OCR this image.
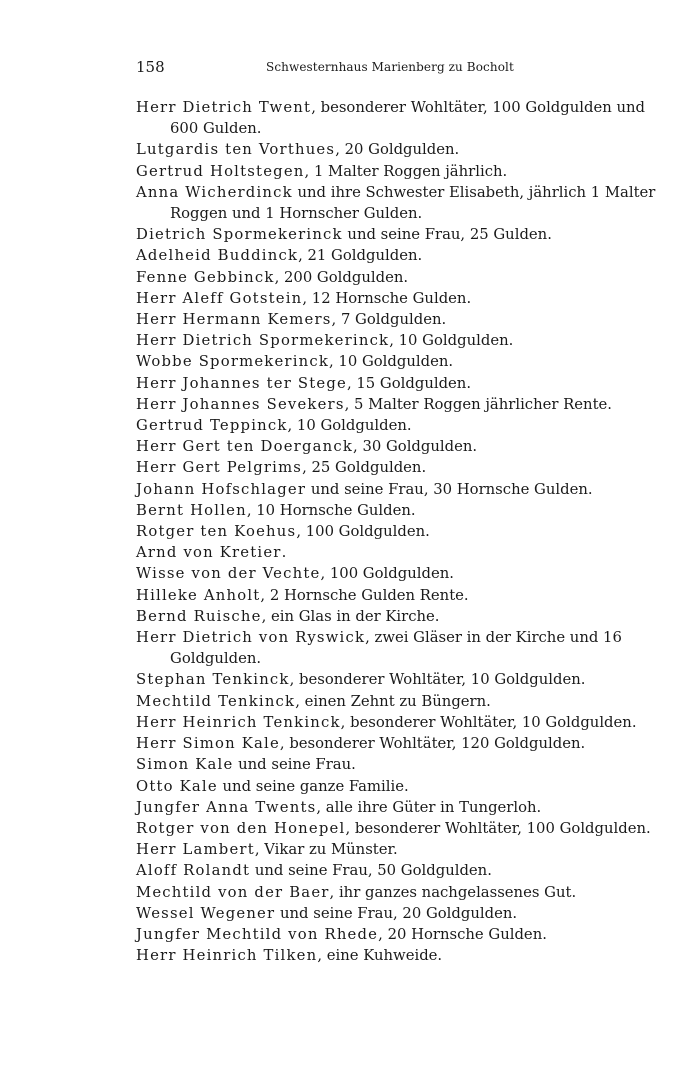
158	Schwesternhaus Marienberg zu Bocholt
Herr Dietrich Twent, besonderer Wohltäter, 100 Goldgulden und 600 Gulden.
Lutgardis ten Vorthues, 20 Goldgulden.
Gertrud Holtstegen, 1 Malter Roggen jährlich.
Anna Wicherdinck und ihre Schwester Elisabeth, jährlich 1 Malter Roggen und 1 Hornscher Gulden.
Dietrich Spormekerinck und seine Frau, 25 Gulden.
Adelheid Buddinck, 21 Goldgulden.
Fenne Gebbinck, 200 Goldgulden.
Herr Aleff Gotstein, 12 Hornsche Gulden.
Herr Hermann Kemers, 7 Goldgulden.
Herr Dietrich Spormekerinck, 10 Goldgulden.
Wobbe Spormekerinck, 10 Goldgulden.
Herr Johannes ter Stege, 15 Goldgulden.
Herr Johannes Sevekers, 5 Malter Roggen jährlicher Rente.
Gertrud Teppinck, 10 Goldgulden.
Herr Gert ten Doerganck, 30 Goldgulden.
Herr Gert Pelgrims, 25 Goldgulden.
Johann Hofschlager und seine Frau, 30 Hornsche Gulden.
Bernt Hollen, 10 Hornsche Gulden.
Rotger ten Koehus, 100 Goldgulden.
Arnd von Kretier.
Wisse von der Vechte, 100 Goldgulden.
Hilleke Anholt, 2 Hornsche Gulden Rente.
Bernd Ruische, ein Glas in der Kirche.
Herr Dietrich von Ryswick, zwei Gläser in der Kirche und 16 Goldgulden.
Stephan Tenkinck, besonderer Wohltäter, 10 Goldgulden.
Mechtild Tenkinck, einen Zehnt zu Büngern.
Herr Heinrich Tenkinck, besonderer Wohltäter, 10 Goldgulden.
Herr Simon Kale, besonderer Wohltäter, 120 Goldgulden.
Simon Kale und seine Frau.
Otto Kale und seine ganze Familie.
Jungfer Anna Twents, alle ihre Güter in Tungerloh.
Rotger von den Honepel, besonderer Wohltäter, 100 Goldgulden.
Herr Lambert, Vikar zu Münster.
Aloff Rolandt und seine Frau, 50 Goldgulden.
Mechtild von der Baer, ihr ganzes nachgelassenes Gut.
Wessel Wegener und seine Frau, 20 Goldgulden.
Jungfer Mechtild von Rhede, 20 Hornsche Gulden.
Herr Heinrich Tilken, eine Kuhweide.
